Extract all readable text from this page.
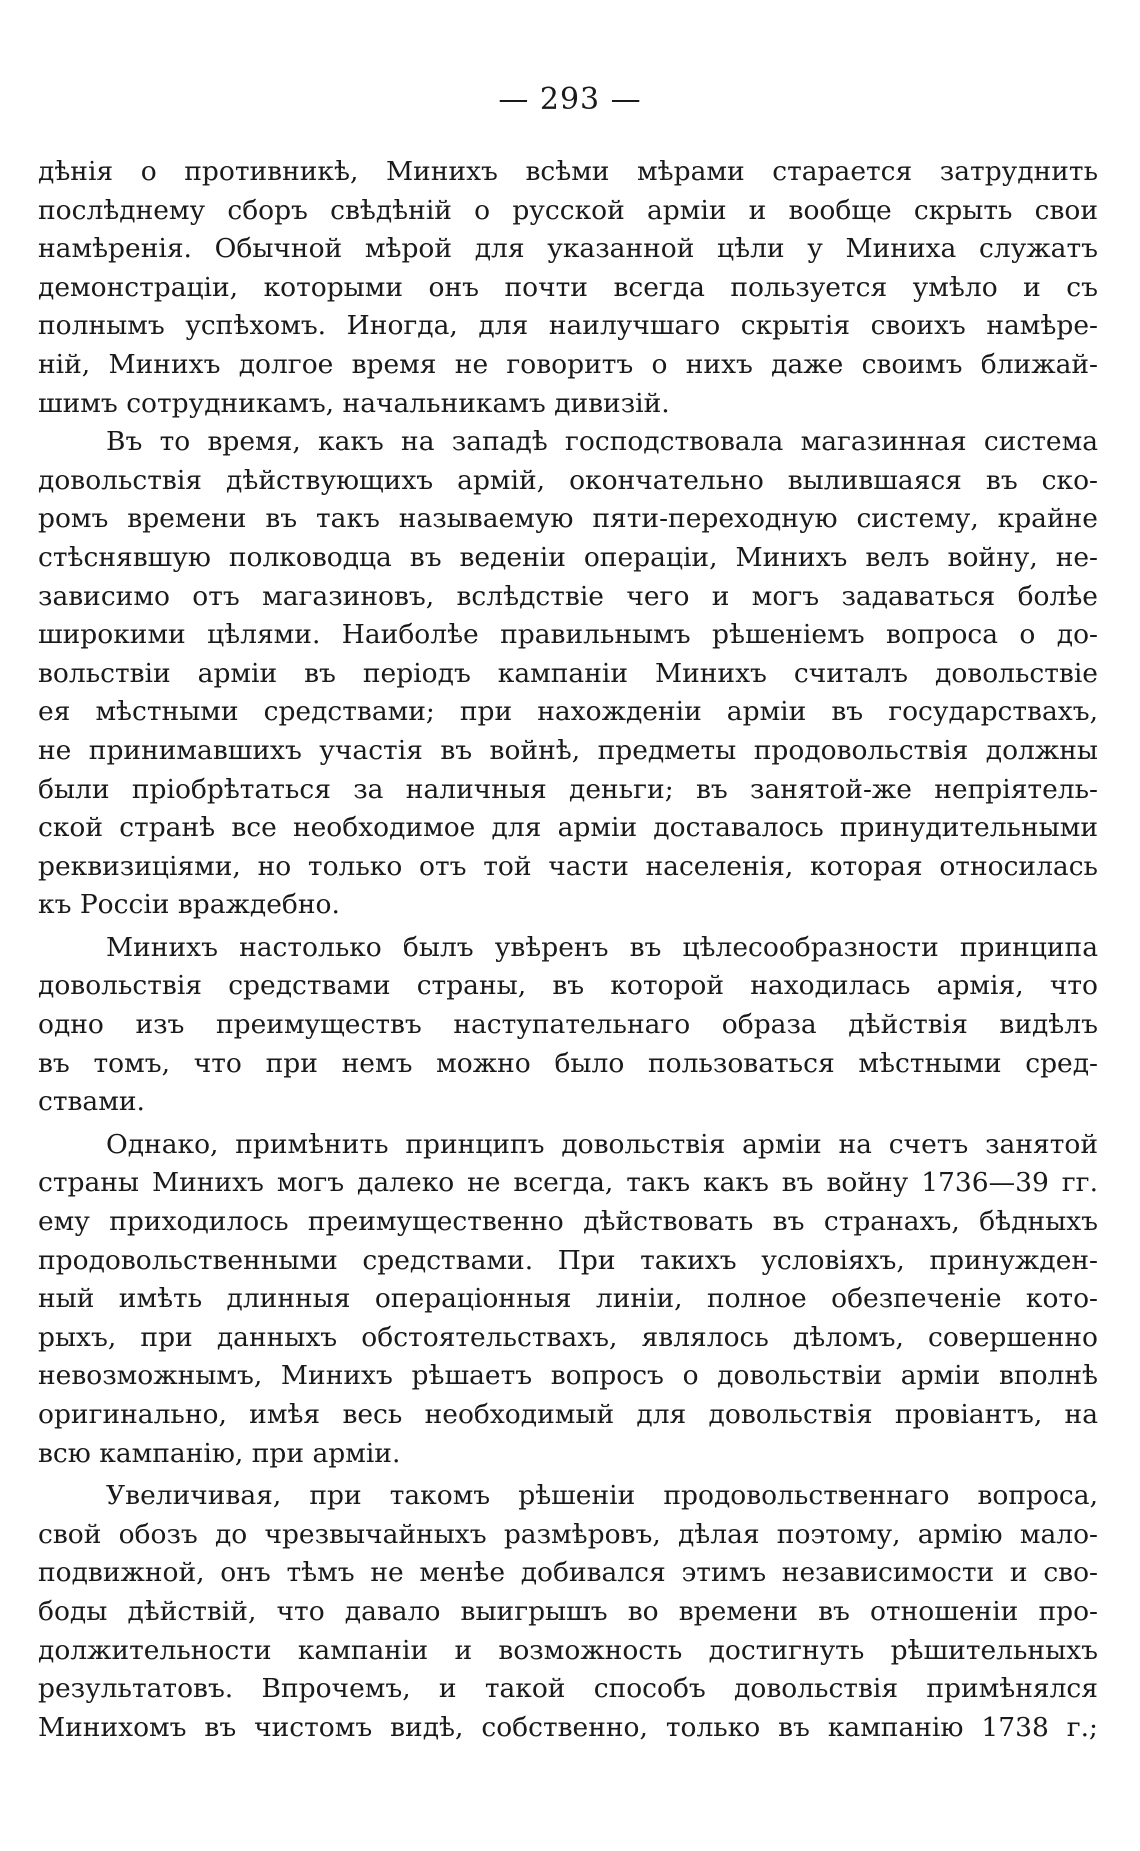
— 293 —
дѣнія о противникѣ, Минихъ всѣми мѣрами старается затруднить
послѣднему сборъ свѣдѣній о русской арміи и вообще скрыть свои
намѣренія. Обычной мѣрой для указанной цѣли у Миниха служатъ
демонстраціи, которыми онъ почти всегда пользуется умѣло и съ
полнымъ успѣхомъ. Иногда, для наилучшаго скрытія своихъ намѣре-
ній, Минихъ долгое время не говоритъ о нихъ даже своимъ ближай-
шимъ сотрудникамъ, начальникамъ дивизій.
Въ то время, какъ на западѣ господствовала магазинная система
довольствія дѣйствующихъ армій, окончательно вылившаяся въ ско-
ромъ времени въ такъ называемую пяти-переходную систему, крайне
стѣснявшую полководца въ веденіи операціи, Минихъ велъ войну, не-
зависимо отъ магазиновъ, вслѣдствіе чего и могъ задаваться болѣе
широкими цѣлями. Наиболѣе правильнымъ рѣшеніемъ вопроса о до-
вольствіи арміи въ періодъ кампаніи Минихъ считалъ довольствіе
ея мѣстными средствами; при нахожденіи арміи въ государствахъ,
не принимавшихъ участія въ войнѣ, предметы продовольствія должны
были пріобрѣтаться за наличныя деньги; въ занятой-же непріятель-
ской странѣ все необходимое для арміи доставалось принудительными
реквизиціями, но только отъ той части населенія, которая относилась
къ Россіи враждебно.
Минихъ настолько былъ увѣренъ въ цѣлесообразности принципа
довольствія средствами страны, въ которой находилась армія, что
одно изъ преимуществъ наступательнаго образа дѣйствія видѣлъ
въ томъ, что при немъ можно было пользоваться мѣстными сред-
ствами.
Однако, примѣнить принципъ довольствія арміи на счетъ занятой
страны Минихъ могъ далеко не всегда, такъ какъ въ войну 1736—39 гг.
ему приходилось преимущественно дѣйствовать въ странахъ, бѣдныхъ
продовольственными средствами. При такихъ условіяхъ, принужден-
ный имѣть длинныя операціонныя линіи, полное обезпеченіе кото-
рыхъ, при данныхъ обстоятельствахъ, являлось дѣломъ, совершенно
невозможнымъ, Минихъ рѣшаетъ вопросъ о довольствіи арміи вполнѣ
оригинально, имѣя весь необходимый для довольствія провіантъ, на
всю кампанію, при арміи.
Увеличивая, при такомъ рѣшеніи продовольственнаго вопроса,
свой обозъ до чрезвычайныхъ размѣровъ, дѣлая поэтому, армію мало-
подвижной, онъ тѣмъ не менѣе добивался этимъ независимости и сво-
боды дѣйствій, что давало выигрышъ во времени въ отношеніи про-
должительности кампаніи и возможность достигнуть рѣшительныхъ
результатовъ. Впрочемъ, и такой способъ довольствія примѣнялся
Минихомъ въ чистомъ видѣ, собственно, только въ кампанію 1738 г.;
